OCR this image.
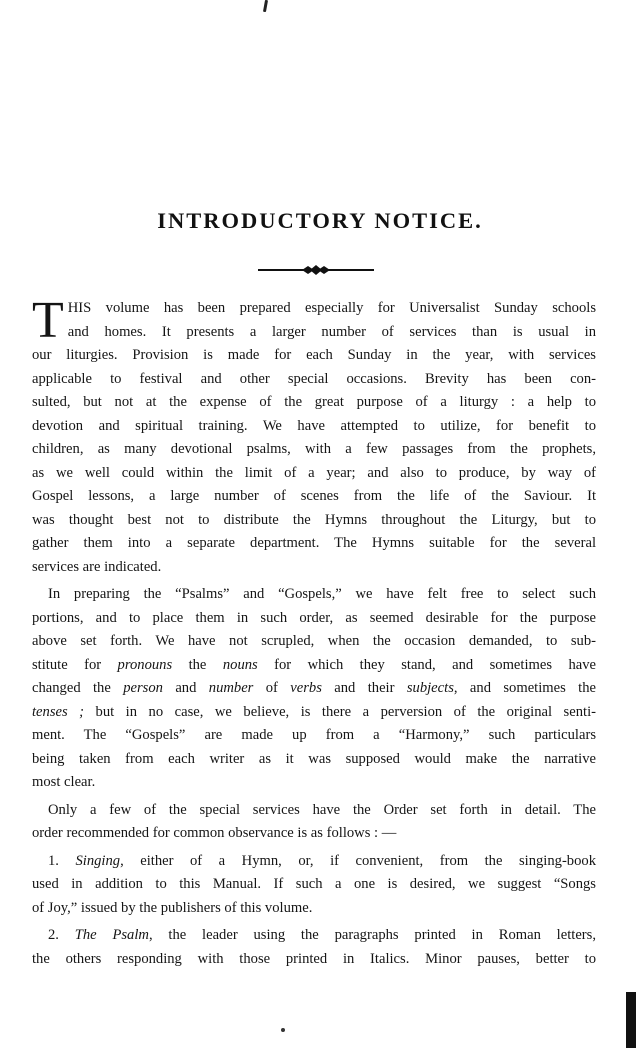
INTRODUCTORY NOTICE.

T HIS volume has been prepared especially for Universalist Sunday schools
and homes. It presents a larger number of services than is usual in
our liturgies. Provision is made for each Sunday in the year, with services
applicable to festival and other special occasions. Brevity has been con-
sulted, but not at the expense of the great purpose of a liturgy : a help to
devotion and spiritual training. We have attempted to utilize, for benefit to
children, as many devotional psalms, with a few passages from the prophets,
as we well could within the limit of a year; and also to produce, by way of
Gospel lessons, a large number of scenes from the life of the Saviour. It
was thought best not to distribute the Hymns throughout the Liturgy, but to
gather them into a separate department. The Hymns suitable for the several
services are indicated.

In preparing the “Psalms” and “Gospels,” we have felt free to select such
portions, and to place them in such order, as seemed desirable for the purpose
above set forth. We have not scrupled, when the occasion demanded, to sub-
stitute for pronouns the nouns for which they stand, and sometimes have
changed the person and number of verbs and their subjects, and sometimes the
tenses ; but in no case, we believe, is there a perversion of the original senti-
ment. The “Gospels” are made up from a “Harmony,” such particulars
being taken from each writer as it was supposed would make the narrative
most clear.

Only a few of the special services have the Order set forth in detail. The
order recommended for common observance is as follows : —

1. Singing, either of a Hymn, or, if convenient, from the singing-book
used in addition to this Manual. If such a one is desired, we suggest “Songs
of Joy,” issued by the publishers of this volume.

2. The Psalm, the leader using the paragraphs printed in Roman letters,
the others responding with those printed in Italics. Minor pauses, better to
